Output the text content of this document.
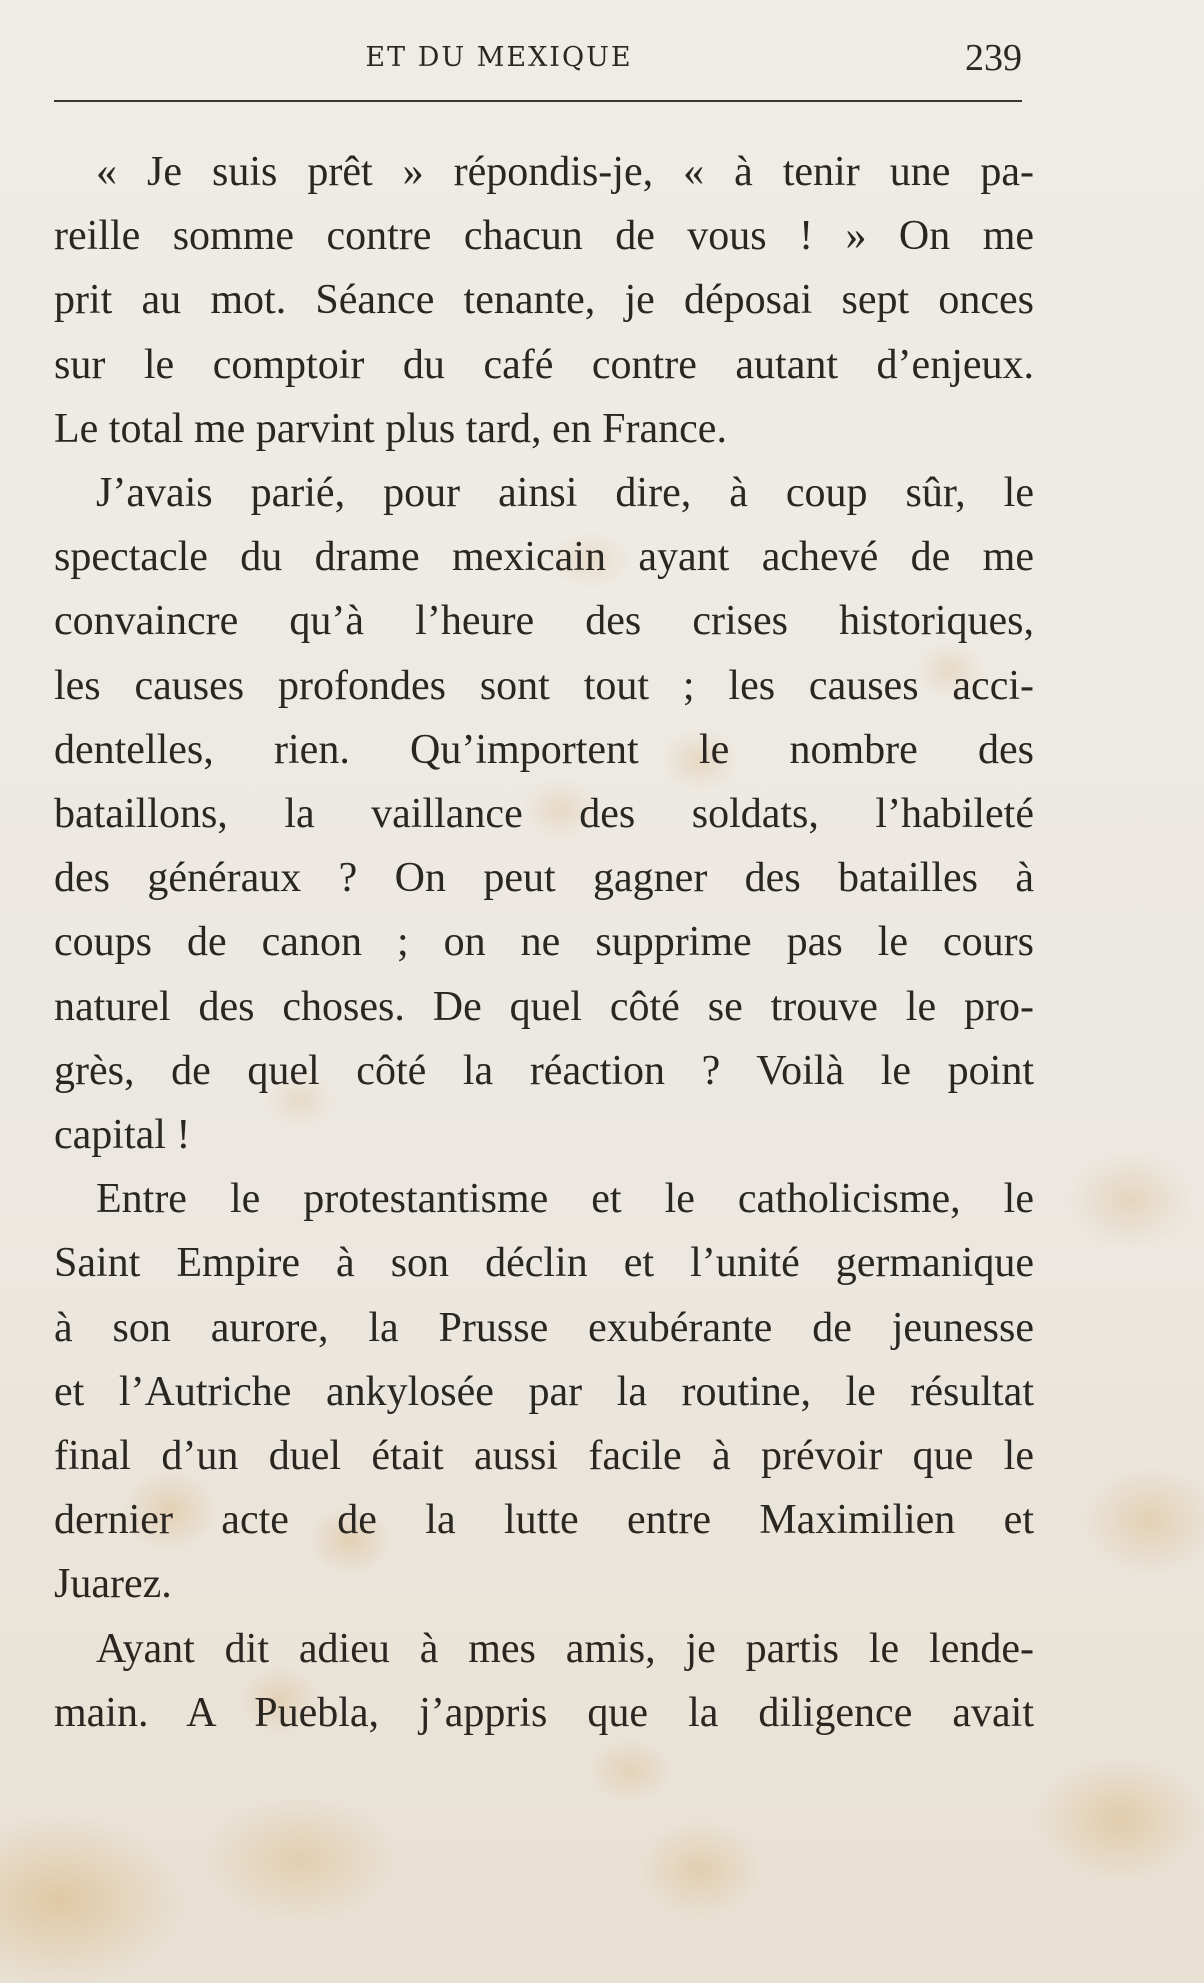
ET DU MEXIQUE	239
« Je suis prêt » répondis-je, « à tenir une pa-
reille somme contre chacun de vous ! » On me
prit au mot. Séance tenante, je déposai sept onces
sur le comptoir du café contre autant d’enjeux.
Le total me parvint plus tard, en France.
J’avais parié, pour ainsi dire, à coup sûr, le
spectacle du drame mexicain ayant achevé de me
convaincre qu’à l’heure des crises historiques,
les causes profondes sont tout ; les causes acci-
dentelles, rien. Qu’importent le nombre des
bataillons, la vaillance des soldats, l’habileté
des généraux ? On peut gagner des batailles à
coups de canon ; on ne supprime pas le cours
naturel des choses. De quel côté se trouve le pro-
grès, de quel côté la réaction ? Voilà le point
capital !
Entre le protestantisme et le catholicisme, le
Saint Empire à son déclin et l’unité germanique
à son aurore, la Prusse exubérante de jeunesse
et l’Autriche ankylosée par la routine, le résultat
final d’un duel était aussi facile à prévoir que le
dernier acte de la lutte entre Maximilien et
Juarez.
Ayant dit adieu à mes amis, je partis le lende-
main. A Puebla, j’appris que la diligence avait
